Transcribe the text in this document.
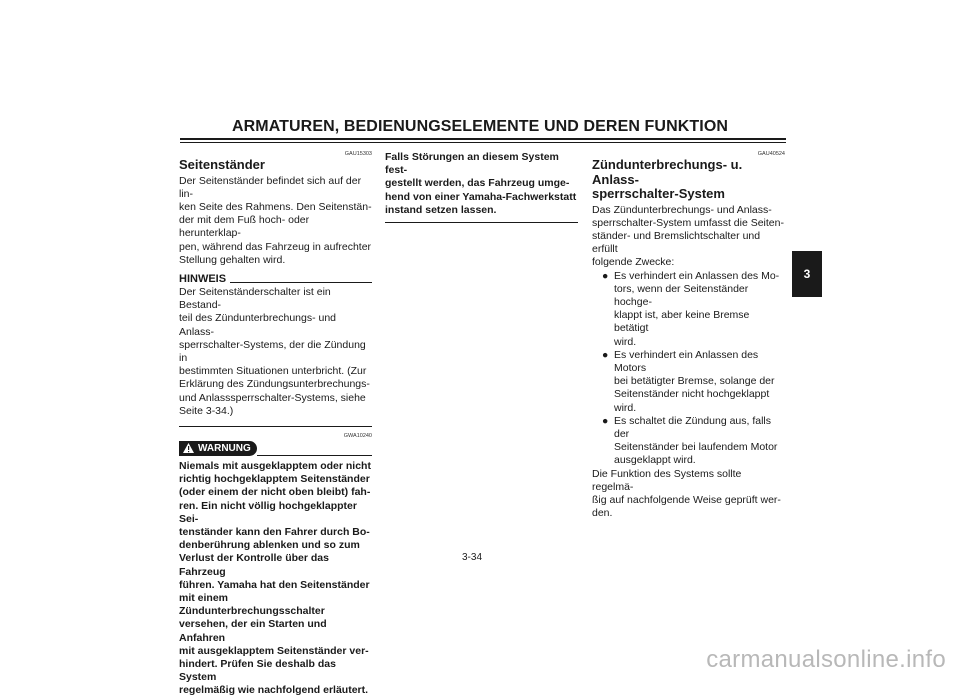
ARMATUREN, BEDIENUNGSELEMENTE UND DEREN FUNKTION
GAU15303
Seitenständer

Der Seitenständer befindet sich auf der lin-

ken Seite des Rahmens. Den Seitenstän-

der mit dem Fuß hoch- oder herunterklap-

pen, während das Fahrzeug in aufrechter

Stellung gehalten wird.

HINWEIS

Der Seitenständerschalter ist ein Bestand-

teil des Zündunterbrechungs- und Anlass-

sperrschalter-Systems, der die Zündung in

bestimmten Situationen unterbricht. (Zur

Erklärung des Zündungsunterbrechungs-

und Anlasssperrschalter-Systems, siehe

Seite 3-34.)

GWA10240
WARNUNG

Niemals mit ausgeklapptem oder nicht

richtig hochgeklapptem Seitenständer

(oder einem der nicht oben bleibt) fah-

ren. Ein nicht völlig hochgeklappter Sei-

tenständer kann den Fahrer durch Bo-

denberührung ablenken und so zum

Verlust der Kontrolle über das Fahrzeug

führen. Yamaha hat den Seitenständer

mit einem Zündunterbrechungsschalter

versehen, der ein Starten und Anfahren

mit ausgeklapptem Seitenständer ver-

hindert. Prüfen Sie deshalb das System

regelmäßig wie nachfolgend erläutert.

Falls Störungen an diesem System fest-

gestellt werden, das Fahrzeug umge-

hend von einer Yamaha-Fachwerkstatt

instand setzen lassen.

GAU40524
Zündunterbrechungs- u. Anlass-
sperrschalter-System

Das Zündunterbrechungs- und Anlass-

sperrschalter-System umfasst die Seiten-

ständer- und Bremslichtschalter und erfüllt

folgende Zwecke:

● Es verhindert ein Anlassen des Mo-

tors, wenn der Seitenständer hochge-

klappt ist, aber keine Bremse betätigt

wird.

● Es verhindert ein Anlassen des Motors

bei betätigter Bremse, solange der

Seitenständer nicht hochgeklappt

wird.

● Es schaltet die Zündung aus, falls der

Seitenständer bei laufendem Motor

ausgeklappt wird.

Die Funktion des Systems sollte regelmä-

ßig auf nachfolgende Weise geprüft wer-

den.

3
3-34
carmanualsonline.info
